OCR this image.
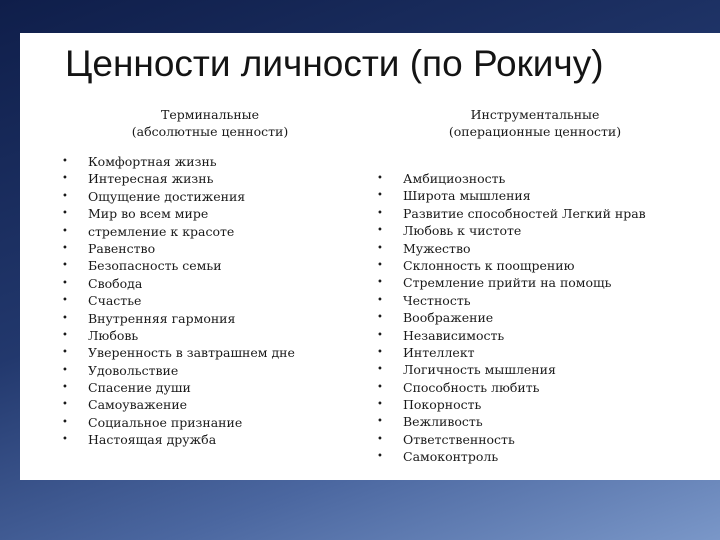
Ценности личности (по Рокичу)
Терминальные
(абсолютные ценности)
Инструментальные
(операционные ценности)
• Комфортная жизнь
• Интересная жизнь
• Ощущение достижения
• Мир во всем мире
• стремление к красоте
• Равенство
• Безопасность семьи
• Свобода
• Счастье
• Внутренняя гармония
• Любовь
• Уверенность в завтрашнем дне
• Удовольствие
• Спасение души
• Самоуважение
• Социальное признание
• Настоящая дружба
• Амбициозность
• Широта мышления
• Развитие способностей Легкий нрав
• Любовь к чистоте
• Мужество
• Склонность к поощрению
• Стремление прийти на помощь
• Честность
• Воображение
• Независимость
• Интеллект
• Логичность мышления
• Способность любить
• Покорность
• Вежливость
• Ответственность
• Самоконтроль
